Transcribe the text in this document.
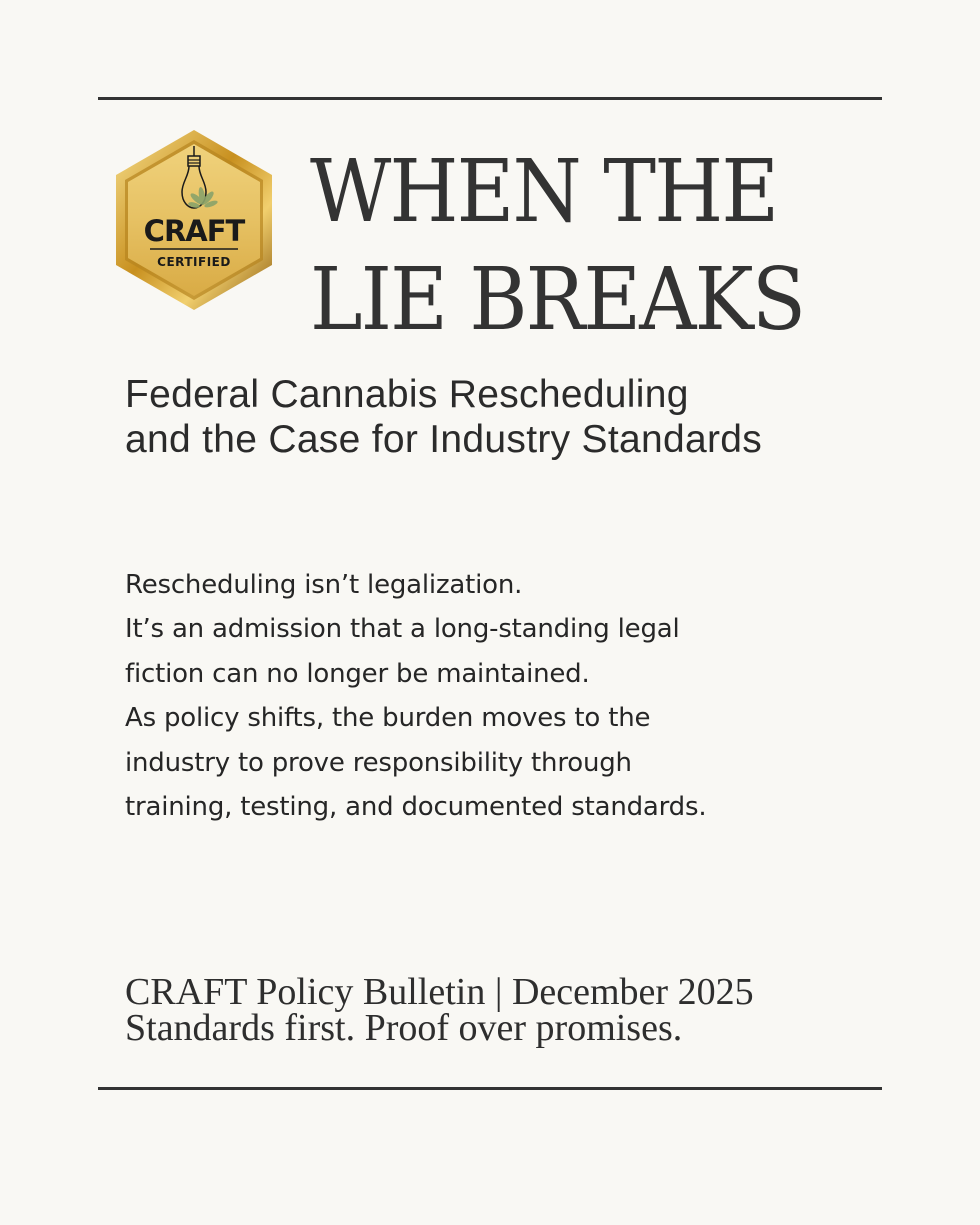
CRAFT
CERTIFIED
WHEN THE
LIE BREAKS
Federal Cannabis Rescheduling
and the Case for Industry Standards

Rescheduling isn’t legalization.
It’s an admission that a long-standing legal
fiction can no longer be maintained.
As policy shifts, the burden moves to the
industry to prove responsibility through
training, testing, and documented standards.

CRAFT Policy Bulletin | December 2025
Standards first. Proof over promises.
